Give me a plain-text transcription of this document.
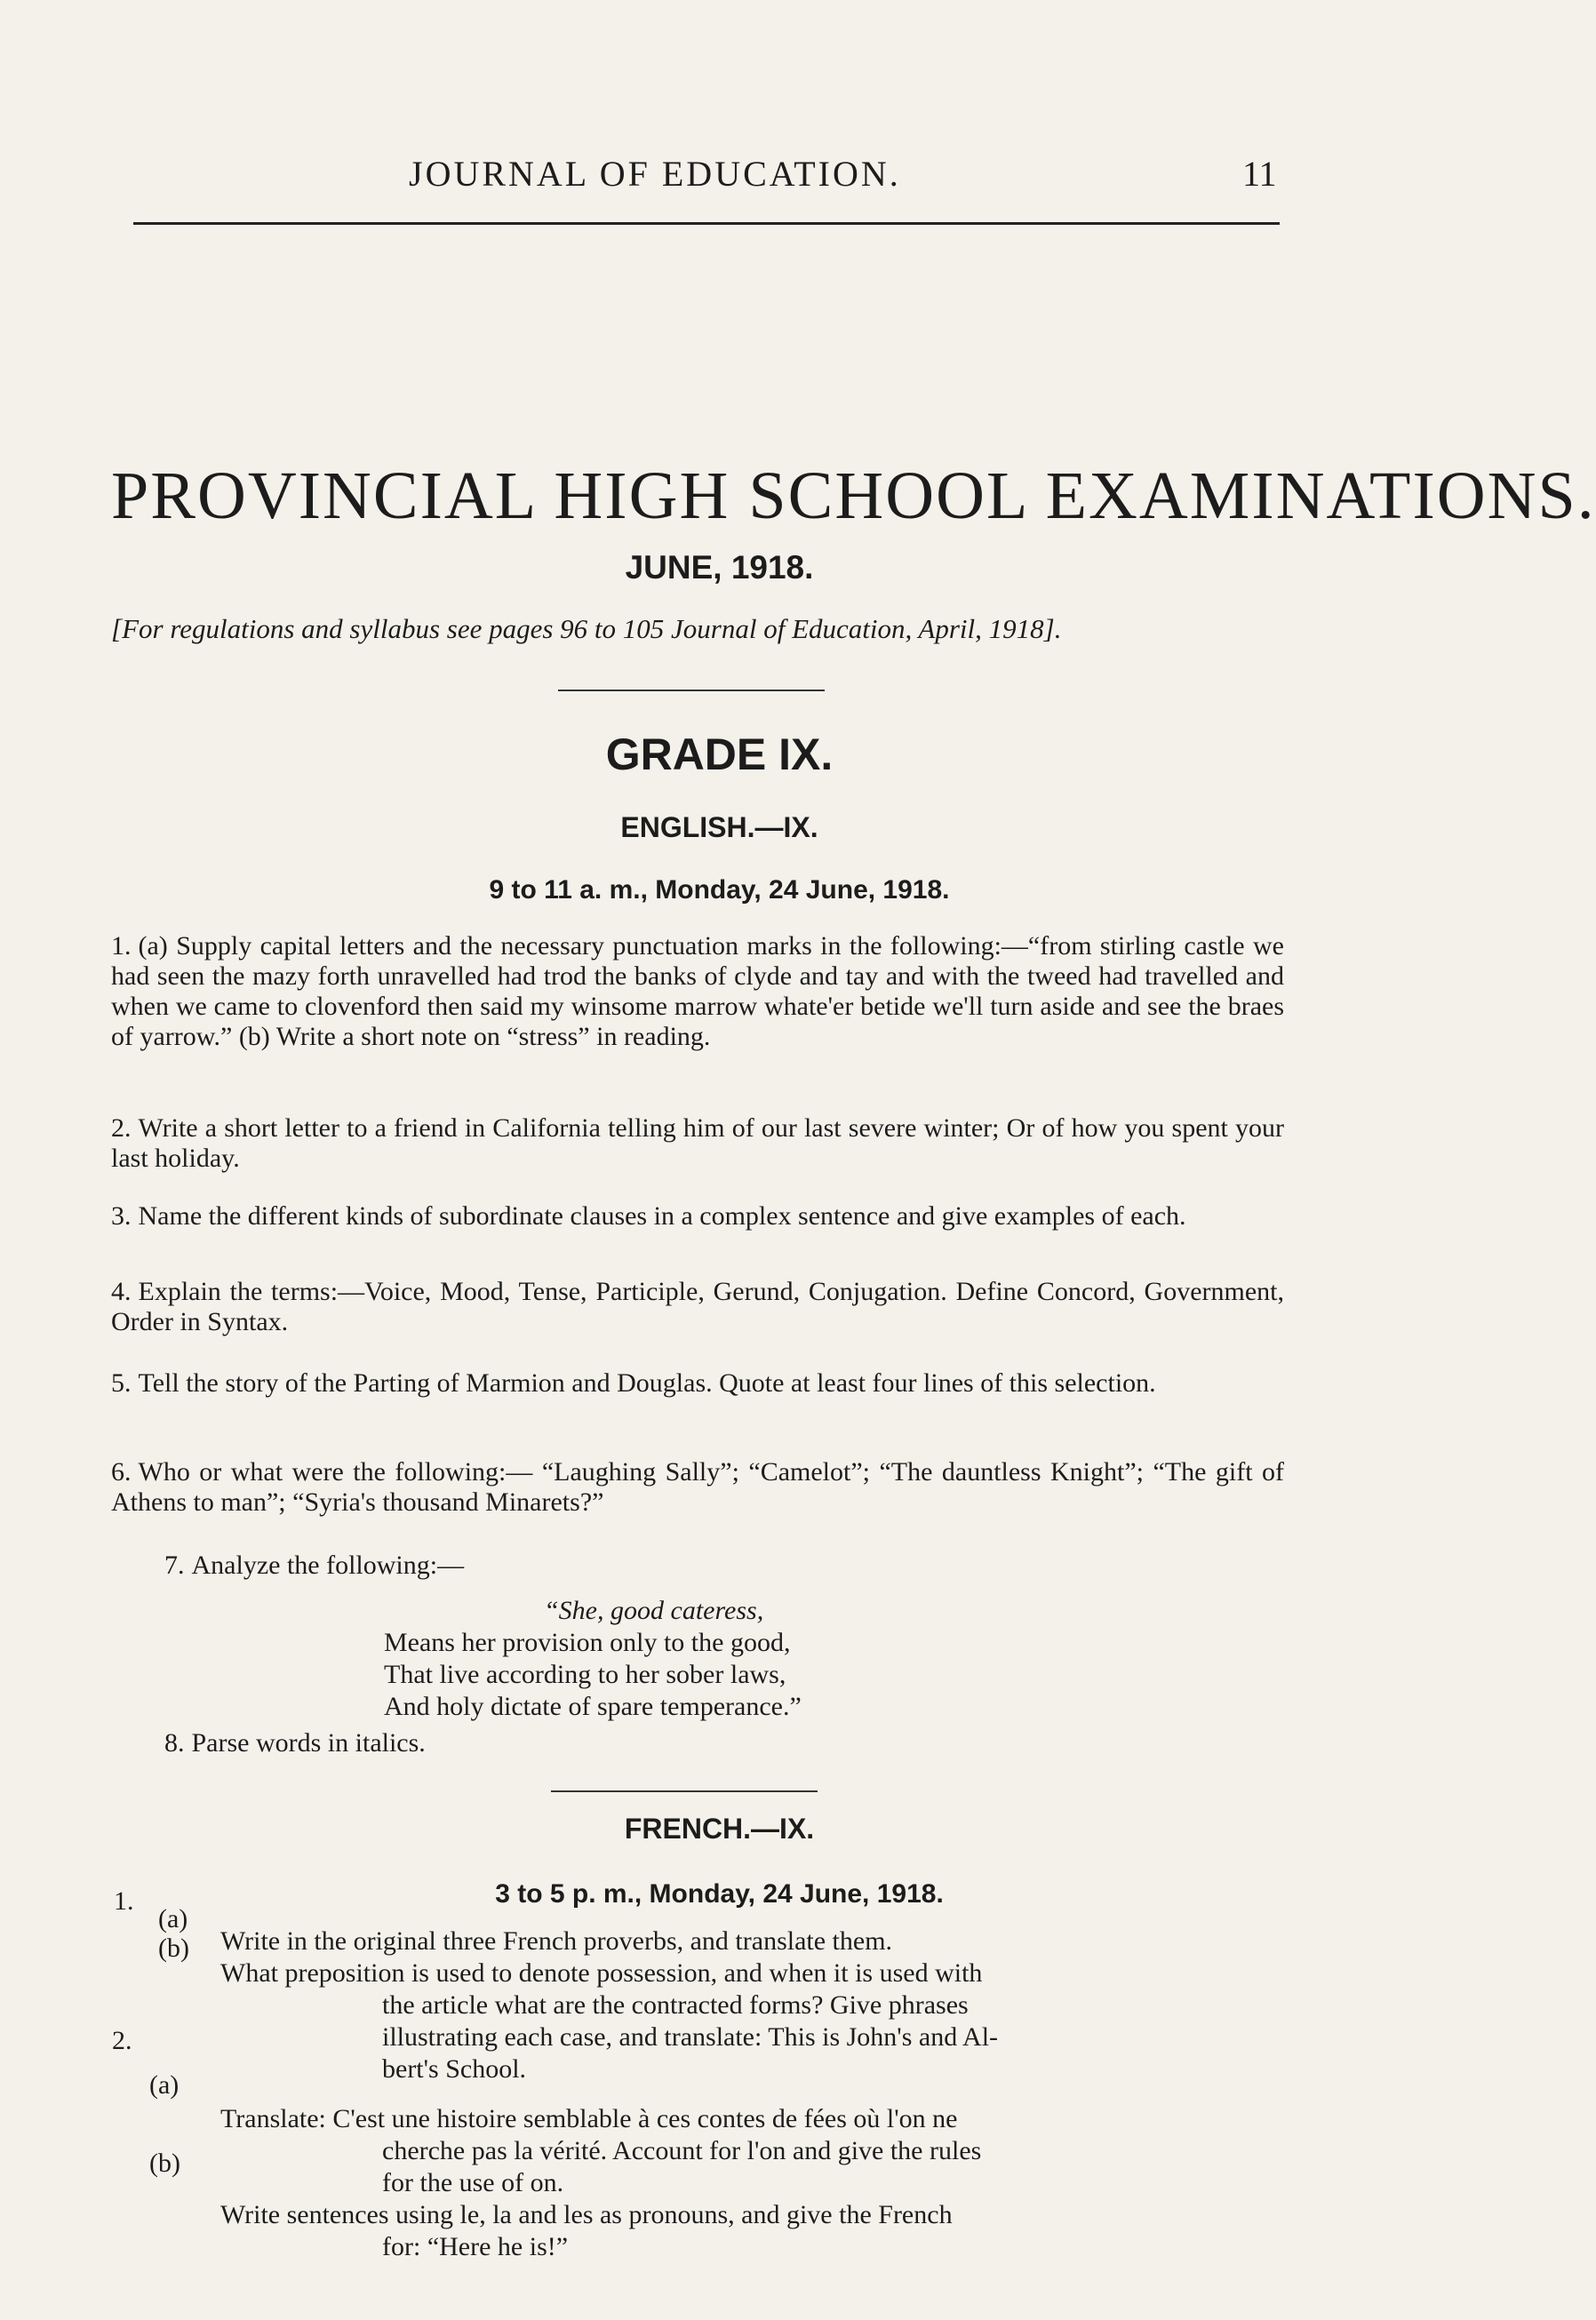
JOURNAL OF EDUCATION.	11
PROVINCIAL HIGH SCHOOL EXAMINATIONS.
JUNE, 1918.
[For regulations and syllabus see pages 96 to 105 Journal of Education, April, 1918].
GRADE IX.
ENGLISH.—IX.
9 to 11 a. m., Monday, 24 June, 1918.
1. (a) Supply capital letters and the necessary punctuation marks in the following:—“from stirling castle we had seen the mazy forth unravelled had trod the banks of clyde and tay and with the tweed had travelled and when we came to clovenford then said my winsome marrow whate'er betide we'll turn aside and see the braes of yarrow.” (b) Write a short note on “stress” in reading.
2. Write a short letter to a friend in California telling him of our last severe winter; Or of how you spent your last holiday.
3. Name the different kinds of subordinate clauses in a complex sentence and give examples of each.
4. Explain the terms:—Voice, Mood, Tense, Participle, Gerund, Conjugation. Define Concord, Government, Order in Syntax.
5. Tell the story of the Parting of Marmion and Douglas. Quote at least four lines of this selection.
6. Who or what were the following:— “Laughing Sally”; “Camelot”; “The dauntless Knight”; “The gift of Athens to man”; “Syria's thousand Minarets?”
7. Analyze the following:—
“She, good cateress,
Means her provision only to the good,
That live according to her sober laws,
And holy dictate of spare temperance.”
8. Parse words in italics.
FRENCH.—IX.
3 to 5 p. m., Monday, 24 June, 1918.
1.
(a)
Write in the original three French proverbs, and translate them.
(b)
What preposition is used to denote possession, and when it is used with
the article what are the contracted forms? Give phrases
illustrating each case, and translate: This is John's and Al-
bert's School.
2.
(a)
Translate: C'est une histoire semblable à ces contes de fées où l'on ne
cherche pas la vérité. Account for l'on and give the rules
for the use of on.
(b)
Write sentences using le, la and les as pronouns, and give the French
for: “Here he is!”
